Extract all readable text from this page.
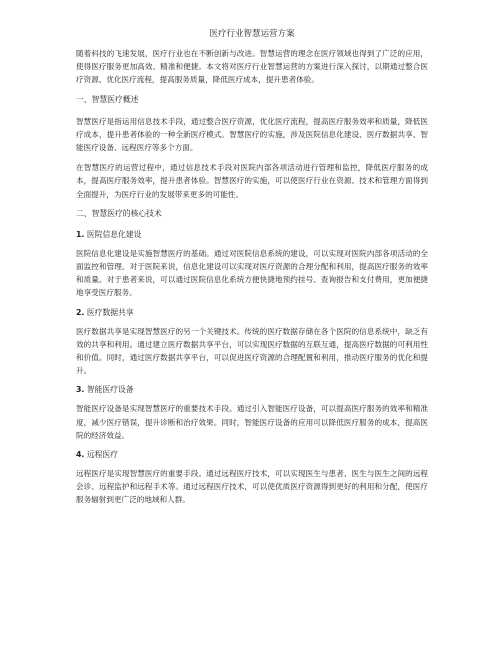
医疗行业智慧运营方案

随着科技的飞速发展，医疗行业也在不断创新与改进。智慧运营的理念在医疗领域也得到了广泛的应用，使得医疗服务更加高效、精准和便捷。本文将对医疗行业智慧运营的方案进行深入探讨，以期通过整合医疗资源、优化医疗流程，提高服务质量，降低医疗成本，提升患者体验。

一、智慧医疗概述

智慧医疗是指运用信息技术手段，通过整合医疗资源，优化医疗流程，提高医疗服务效率和质量，降低医疗成本，提升患者体验的一种全新医疗模式。智慧医疗的实施，涉及医院信息化建设、医疗数据共享、智能医疗设备、远程医疗等多个方面。

在智慧医疗的运营过程中，通过信息技术手段对医院内部各项活动进行管理和监控，降低医疗服务的成本，提高医疗服务效率，提升患者体验。智慧医疗的实施，可以使医疗行业在资源、技术和管理方面得到全面提升，为医疗行业的发展带来更多的可能性。

二、智慧医疗的核心技术
1. 医院信息化建设

医院信息化建设是实施智慧医疗的基础。通过对医院信息系统的建设，可以实现对医院内部各项活动的全面监控和管理。对于医院来说，信息化建设可以实现对医疗资源的合理分配和利用，提高医疗服务的效率和质量。对于患者来说，可以通过医院信息化系统方便快捷地预约挂号、查询报告和支付费用，更加便捷地享受医疗服务。

2. 医疗数据共享

医疗数据共享是实现智慧医疗的另一个关键技术。传统的医疗数据存储在各个医院的信息系统中，缺乏有效的共享和利用。通过建立医疗数据共享平台，可以实现医疗数据的互联互通，提高医疗数据的可利用性和价值。同时，通过医疗数据共享平台，可以促进医疗资源的合理配置和利用，推动医疗服务的优化和提升。

3. 智能医疗设备

智能医疗设备是实现智慧医疗的重要技术手段。通过引入智能医疗设备，可以提高医疗服务的效率和精准度，减少医疗错误，提升诊断和治疗效果。同时，智能医疗设备的应用可以降低医疗服务的成本，提高医院的经济效益。

4. 远程医疗

远程医疗是实现智慧医疗的重要手段。通过远程医疗技术，可以实现医生与患者、医生与医生之间的远程会诊、远程监护和远程手术等。通过远程医疗技术，可以使优质医疗资源得到更好的利用和分配，使医疗服务辐射到更广泛的地域和人群。
